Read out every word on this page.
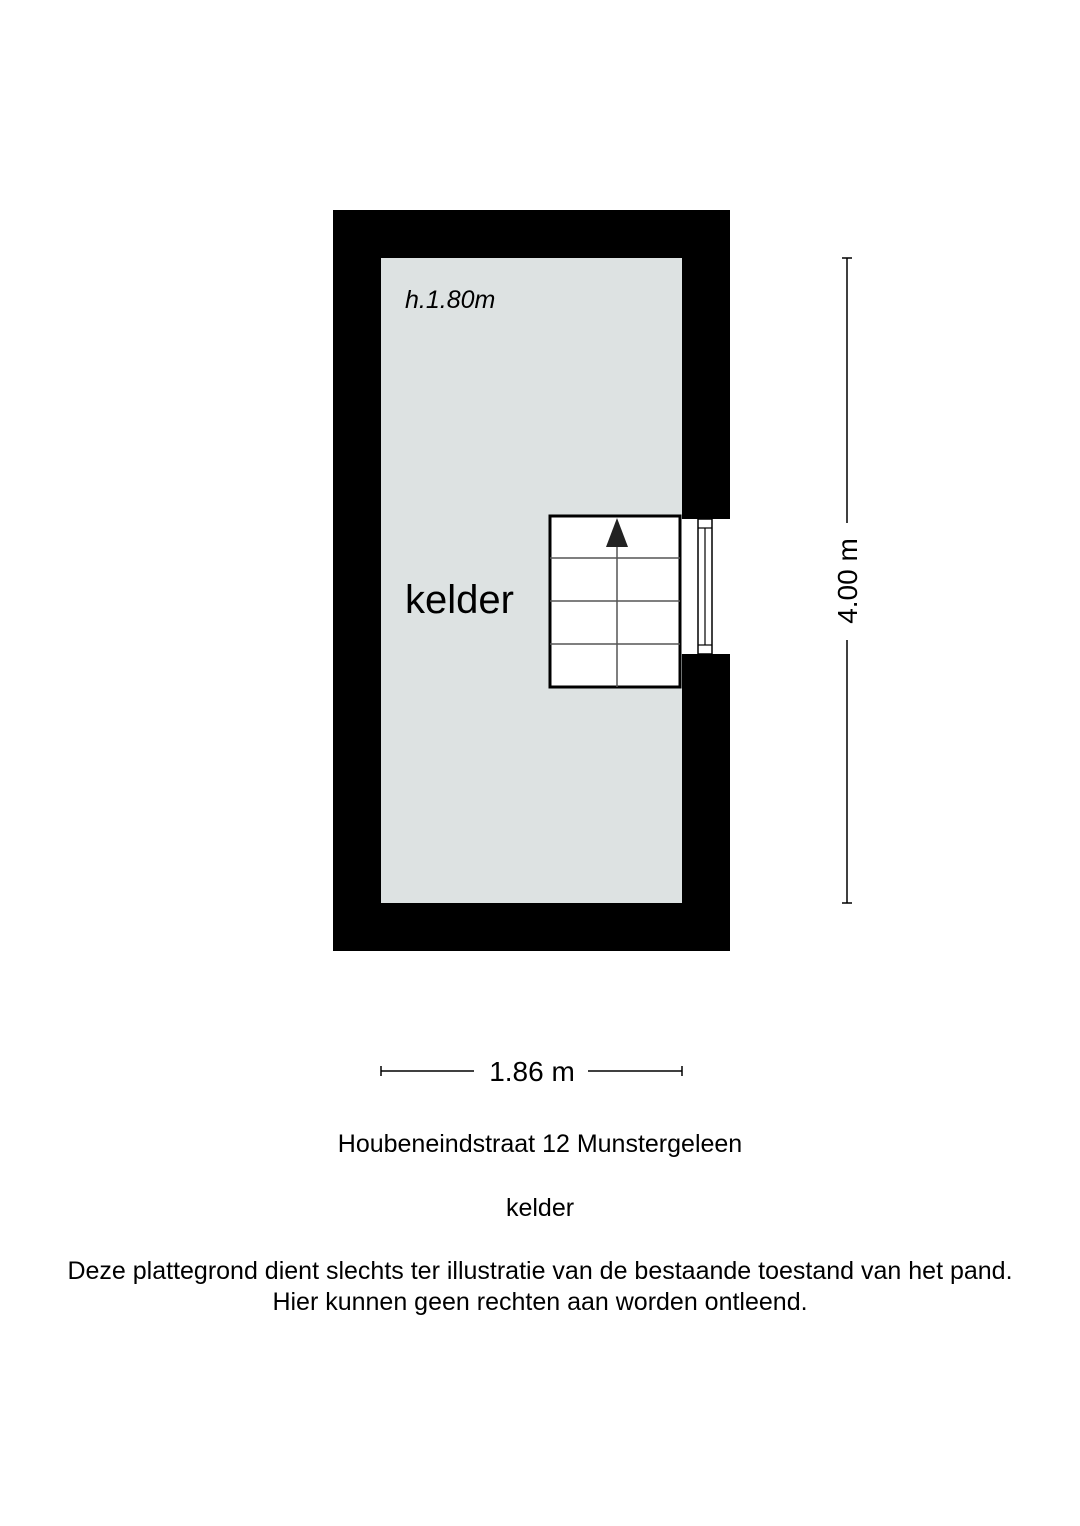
h.1.80m
kelder	4.00 m
1.86 m
Houbeneindstraat 12 Munstergeleen
kelder
Deze plattegrond dient slechts ter illustratie van de bestaande toestand van het pand.
Hier kunnen geen rechten aan worden ontleend.
